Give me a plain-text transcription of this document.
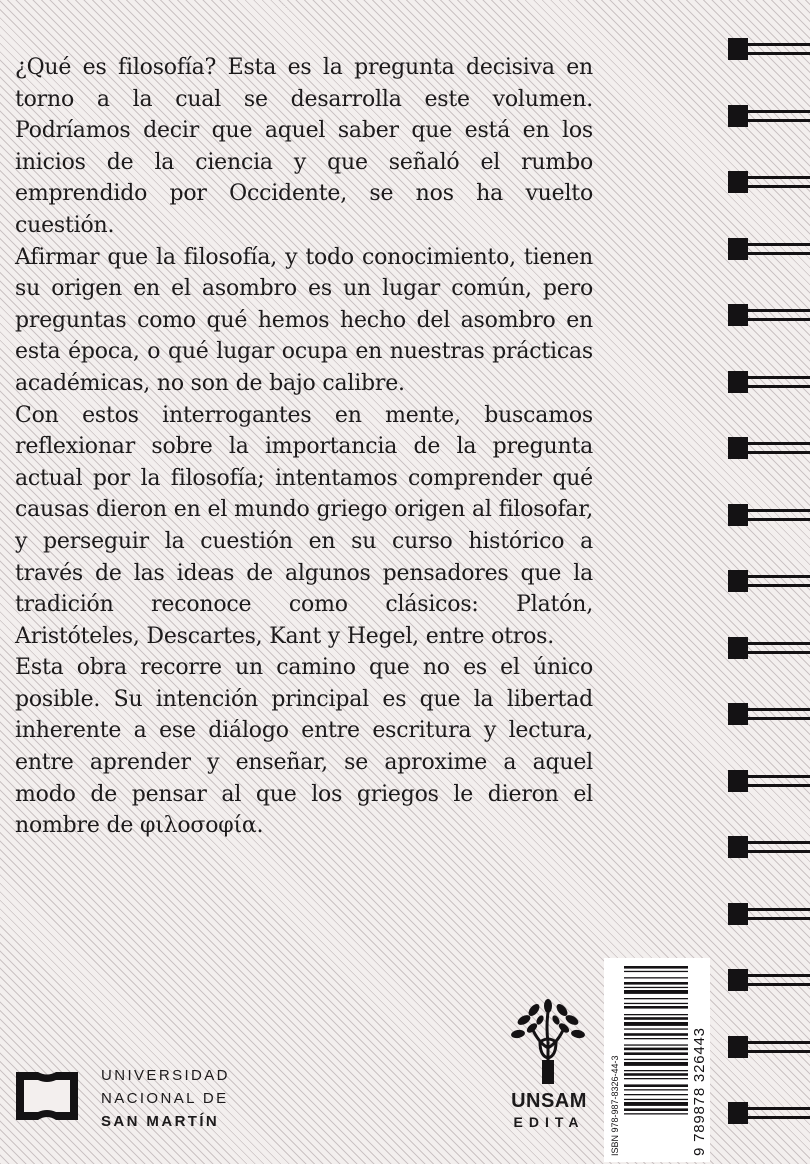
¿Qué es filosofía? Esta es la pregunta decisiva en torno a la cual se desarrolla este volumen. Podríamos decir que aquel saber que está en los inicios de la ciencia y que señaló el rumbo emprendido por Occidente, se nos ha vuelto cuestión.

Afirmar que la filosofía, y todo conocimiento, tienen su origen en el asombro es un lugar común, pero preguntas como qué hemos hecho del asombro en esta época, o qué lugar ocupa en nuestras prácticas académicas, no son de bajo calibre.

Con estos interrogantes en mente, buscamos reflexionar sobre la importancia de la pregunta actual por la filosofía; intentamos comprender qué causas dieron en el mundo griego origen al filosofar, y perseguir la cuestión en su curso histórico a través de las ideas de algunos pensadores que la tradición reconoce como clásicos: Platón, Aristóteles, Descartes, Kant y Hegel, entre otros.

Esta obra recorre un camino que no es el único posible. Su intención principal es que la libertad inherente a ese diálogo entre escritura y lectura, entre aprender y enseñar, se aproxime a aquel modo de pensar al que los griegos le dieron el nombre de φιλοσοφία.

UNIVERSIDAD
NACIONAL DE
SAN MARTÍN
UNSAM
EDITA	ISBN 978-987-8326-44-3	9 789878 326443
